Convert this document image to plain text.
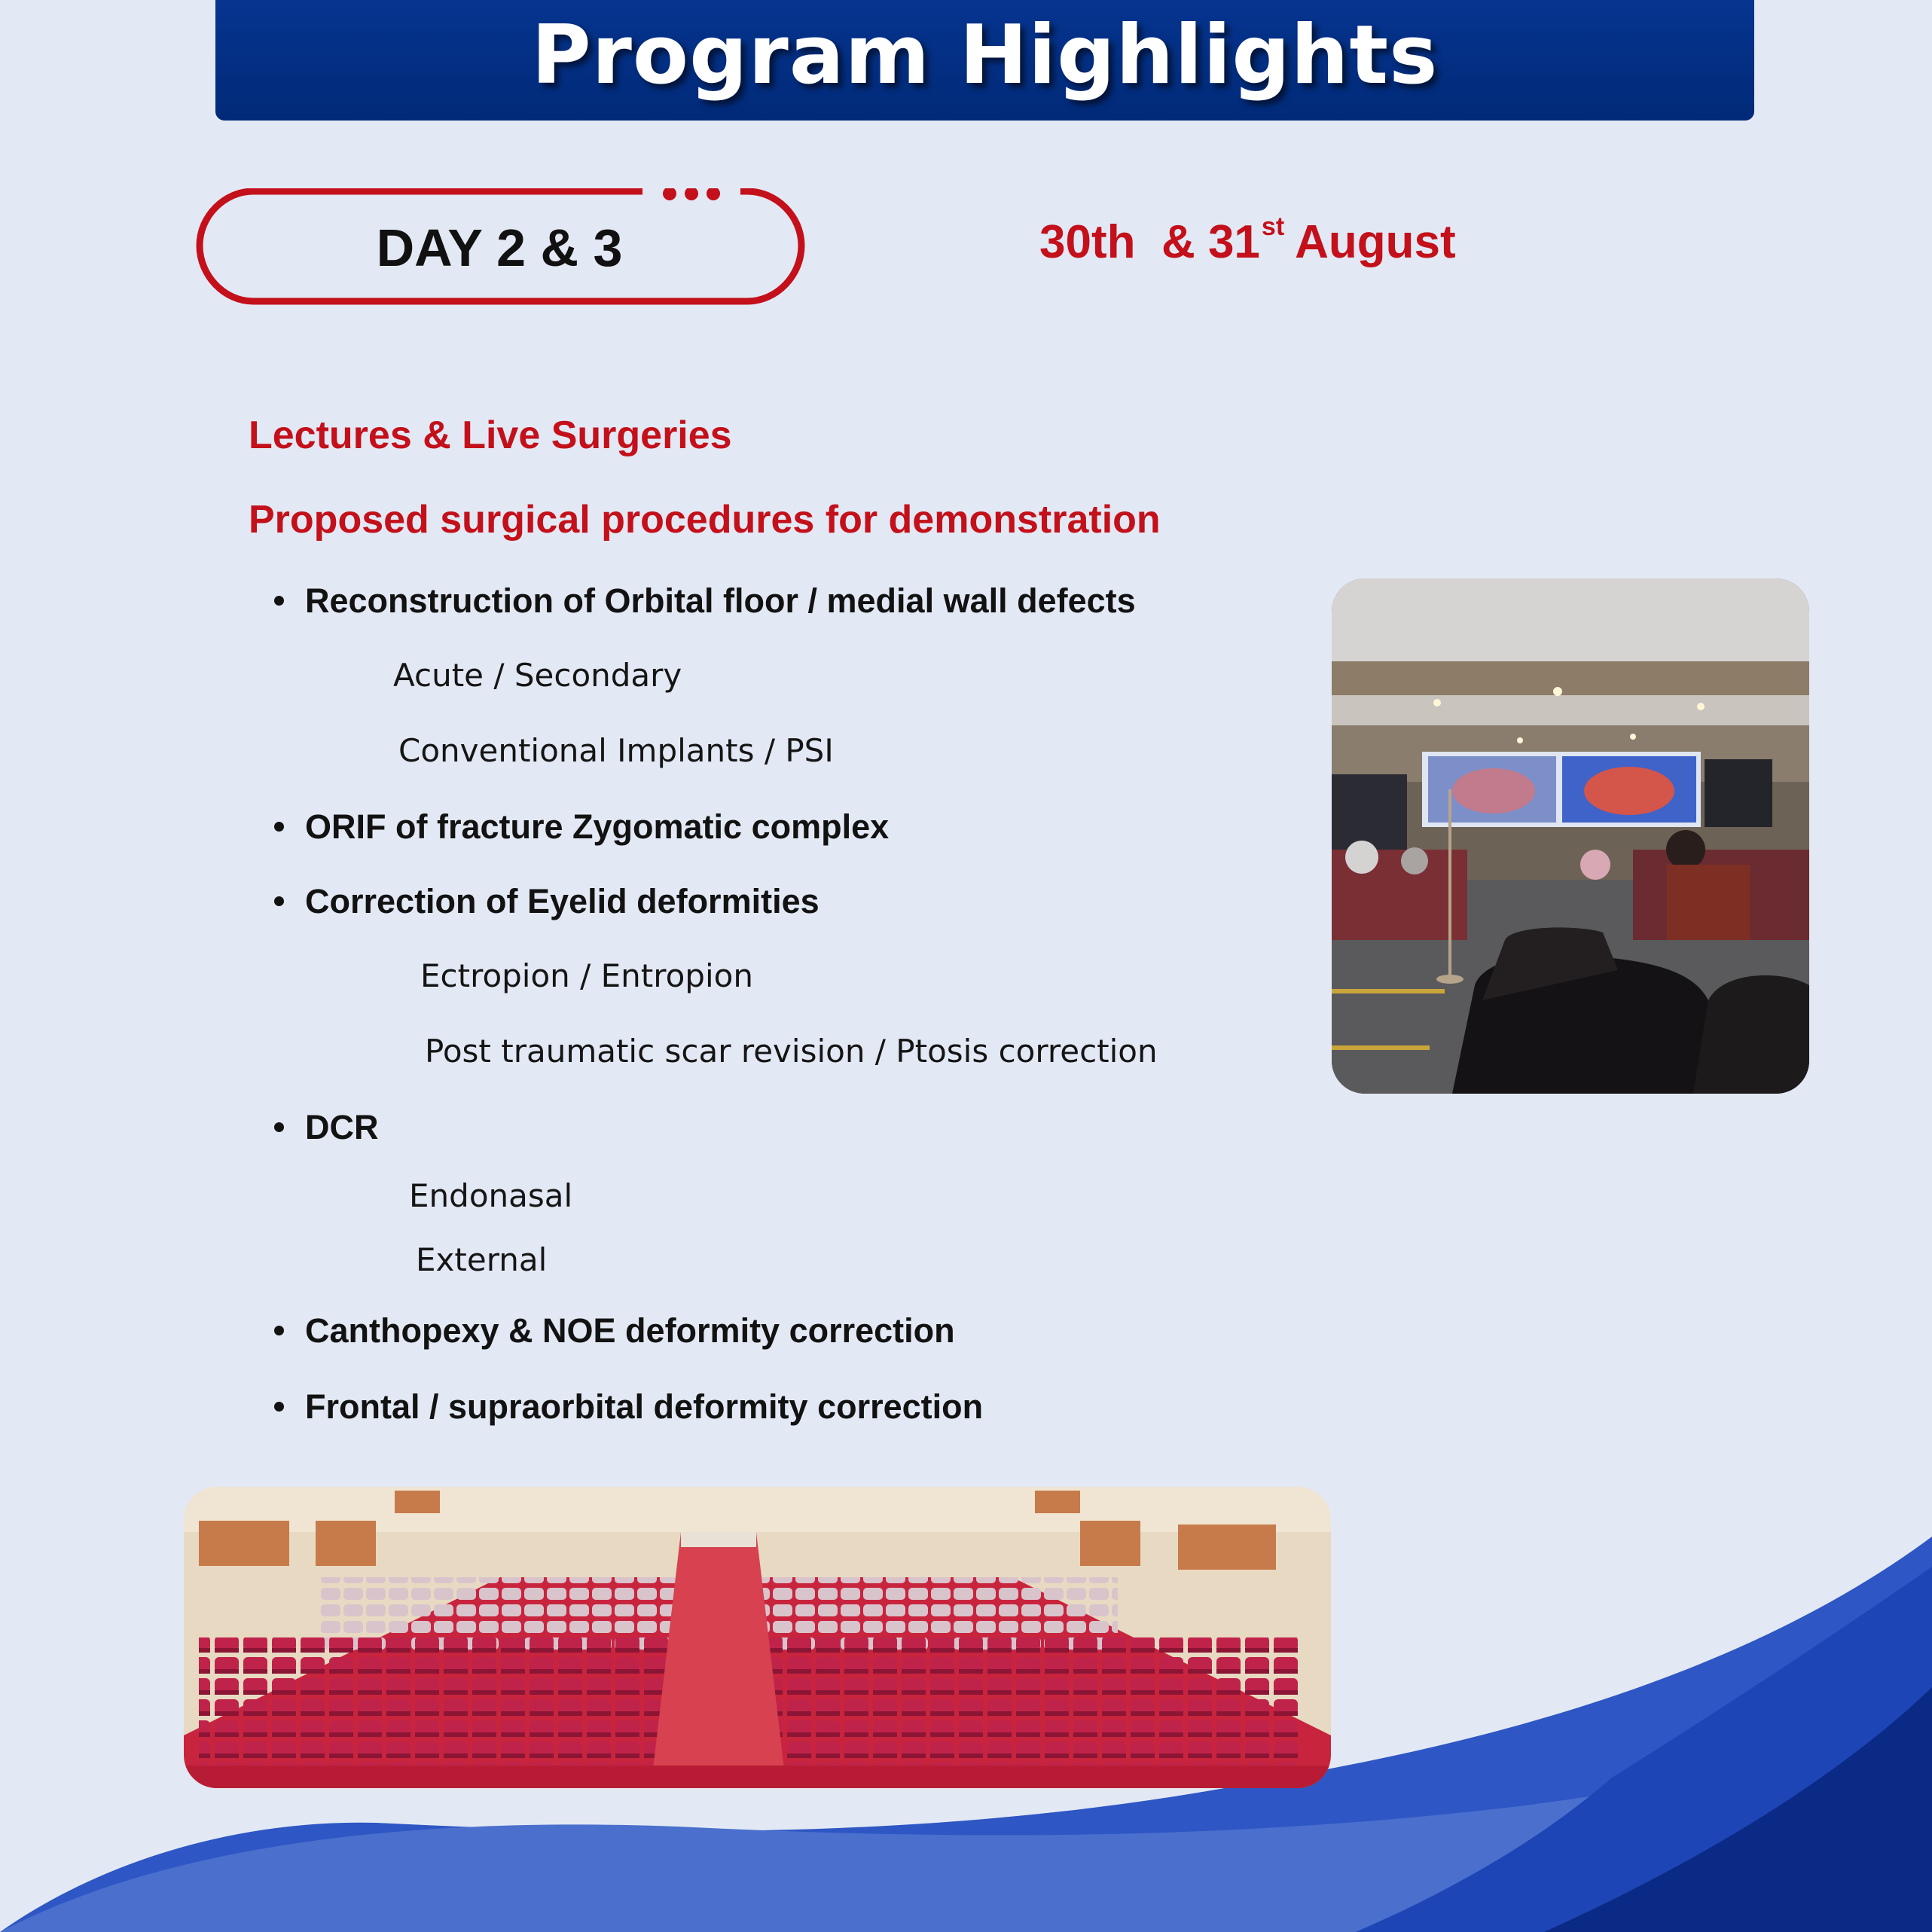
Program Highlights
DAY 2 & 3	30th & 31st August
Lectures & Live Surgeries
Proposed surgical procedures for demonstration
Reconstruction of Orbital floor / medial wall defects
Acute / Secondary
Conventional Implants / PSI
ORIF of fracture Zygomatic complex
Correction of Eyelid deformities
Ectropion / Entropion
Post traumatic scar revision / Ptosis correction
DCR
Endonasal
External
Canthopexy & NOE deformity correction
Frontal / supraorbital deformity correction
